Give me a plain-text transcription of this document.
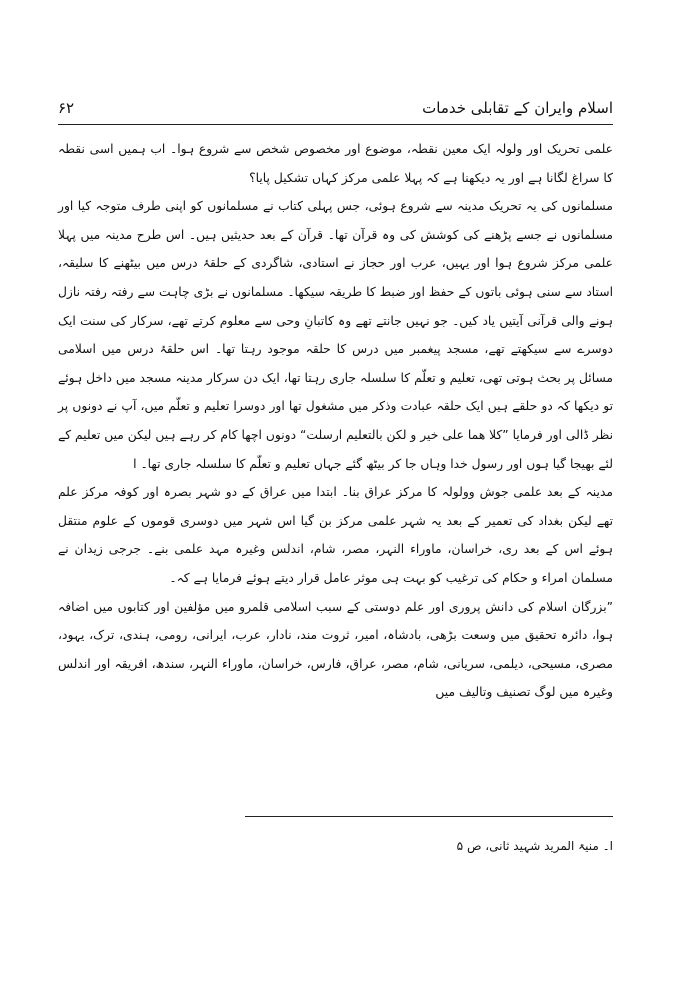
اسلام وایران کے تقابلی خدمات
۶۲

علمی تحریک اور ولولہ ایک معین نقطہ، موضوع اور مخصوص شخص سے شروع ہوا۔ اب ہمیں اسی نقطہ کا سراغ لگانا ہے اور یہ دیکھنا ہے کہ پہلا علمی مرکز کہاں تشکیل پایا؟

مسلمانوں کی یہ تحریک مدینہ سے شروع ہوئی، جس پہلی کتاب نے مسلمانوں کو اپنی طرف متوجہ کیا اور مسلمانوں نے جسے پڑھنے کی کوشش کی وہ قرآن تھا۔ قرآن کے بعد حدیثیں ہیں۔ اس طرح مدینہ میں پہلا علمی مرکز شروع ہوا اور یہیں، عرب اور حجاز نے استادی، شاگردی کے حلقۂ درس میں بیٹھنے کا سلیقہ، استاد سے سنی ہوئی باتوں کے حفظ اور ضبط کا طریقہ سیکھا۔ مسلمانوں نے بڑی چاہت سے رفتہ رفتہ نازل ہونے والی قرآنی آیتیں یاد کیں۔ جو نہیں جانتے تھے وہ کاتبانِ وحی سے معلوم کرتے تھے، سرکار کی سنت ایک دوسرے سے سیکھتے تھے، مسجد پیغمبر میں درس کا حلقہ موجود رہتا تھا۔ اس حلقۂ درس میں اسلامی مسائل پر بحث ہوتی تھی، تعلیم و تعلّم کا سلسلہ جاری رہتا تھا، ایک دن سرکار مدینہ مسجد میں داخل ہوئے تو دیکھا کہ دو حلقے ہیں ایک حلقہ عبادت وذکر میں مشغول تھا اور دوسرا تعلیم و تعلّم میں، آپ نے دونوں پر نظر ڈالی اور فرمایا ”کلا ھما علی خیر و لکن بالتعلیم ارسلت“ دونوں اچھا کام کر رہے ہیں لیکن میں تعلیم کے لئے بھیجا گیا ہوں اور رسول خدا وہاں جا کر بیٹھ گئے جہاں تعلیم و تعلّم کا سلسلہ جاری تھا۔ ا

مدینہ کے بعد علمی جوش وولولہ کا مرکز عراق بنا۔ ابتدا میں عراق کے دو شہر بصرہ اور کوفہ مرکز علم تھے لیکن بغداد کی تعمیر کے بعد یہ شہر علمی مرکز بن گیا اس شہر میں دوسری قوموں کے علوم منتقل ہوئے اس کے بعد ری، خراسان، ماوراء النہر، مصر، شام، اندلس وغیرہ مہد علمی بنے۔ جرجی زیدان نے مسلمان امراء و حکام کی ترغیب کو بہت ہی موثر عامل قرار دیتے ہوئے فرمایا ہے کہ۔

”بزرگان اسلام کی دانش پروری اور علم دوستی کے سبب اسلامی قلمرو میں مؤلفین اور کتابوں میں اضافہ ہوا، دائرہ تحقیق میں وسعت بڑھی، بادشاہ، امیر، ثروت مند، نادار، عرب، ایرانی، رومی، ہندی، ترک، یہود، مصری، مسیحی، دیلمی، سریانی، شام، مصر، عراق، فارس، خراسان، ماوراء النہر، سندھ، افریقہ اور اندلس وغیرہ میں لوگ تصنیف وتالیف میں

ا۔ منیۃ المرید شہید ثانی، ص ۵
